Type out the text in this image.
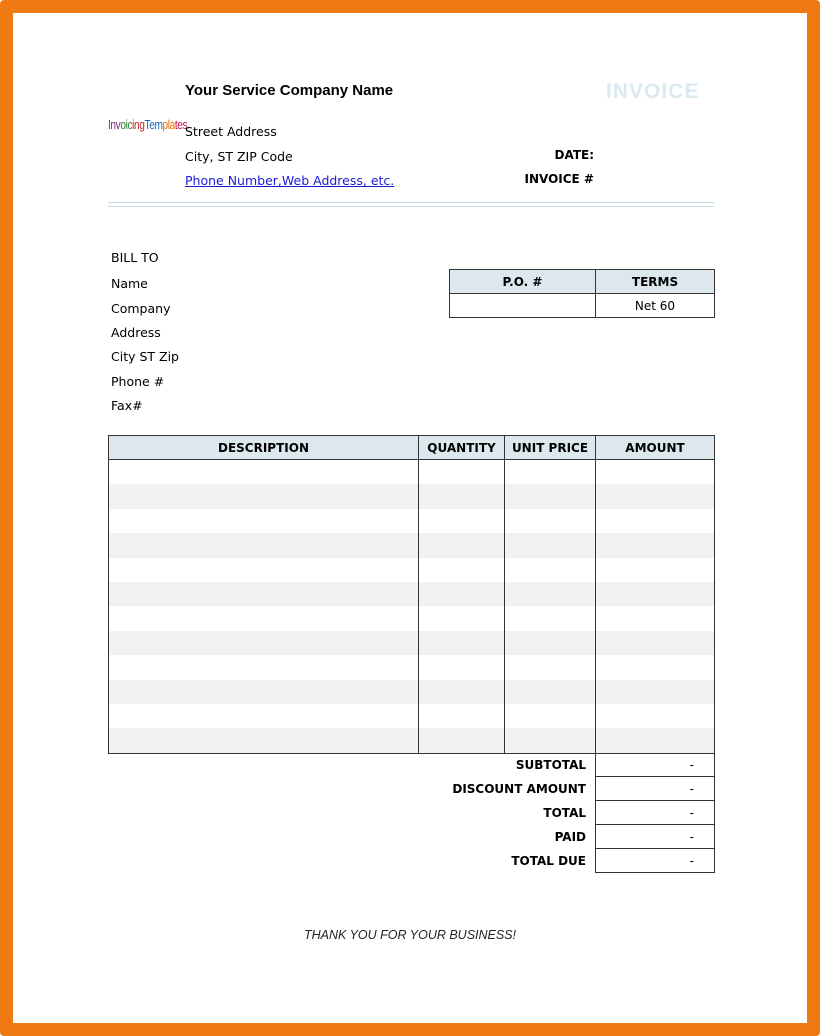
Your Service Company Name	INVOICE
InvoicingTemplates
Street Address
City, ST ZIP Code
Phone Number,Web Address, etc.
DATE:
INVOICE #
BILL TO
Name
Company
Address
City ST Zip
Phone #
Fax#
P.O. #	TERMS
	Net 60
DESCRIPTION	QUANTITY	UNIT PRICE	AMOUNT

SUBTOTAL	-
DISCOUNT AMOUNT	-
TOTAL	-
PAID	-
TOTAL DUE	-
THANK YOU FOR YOUR BUSINESS!
